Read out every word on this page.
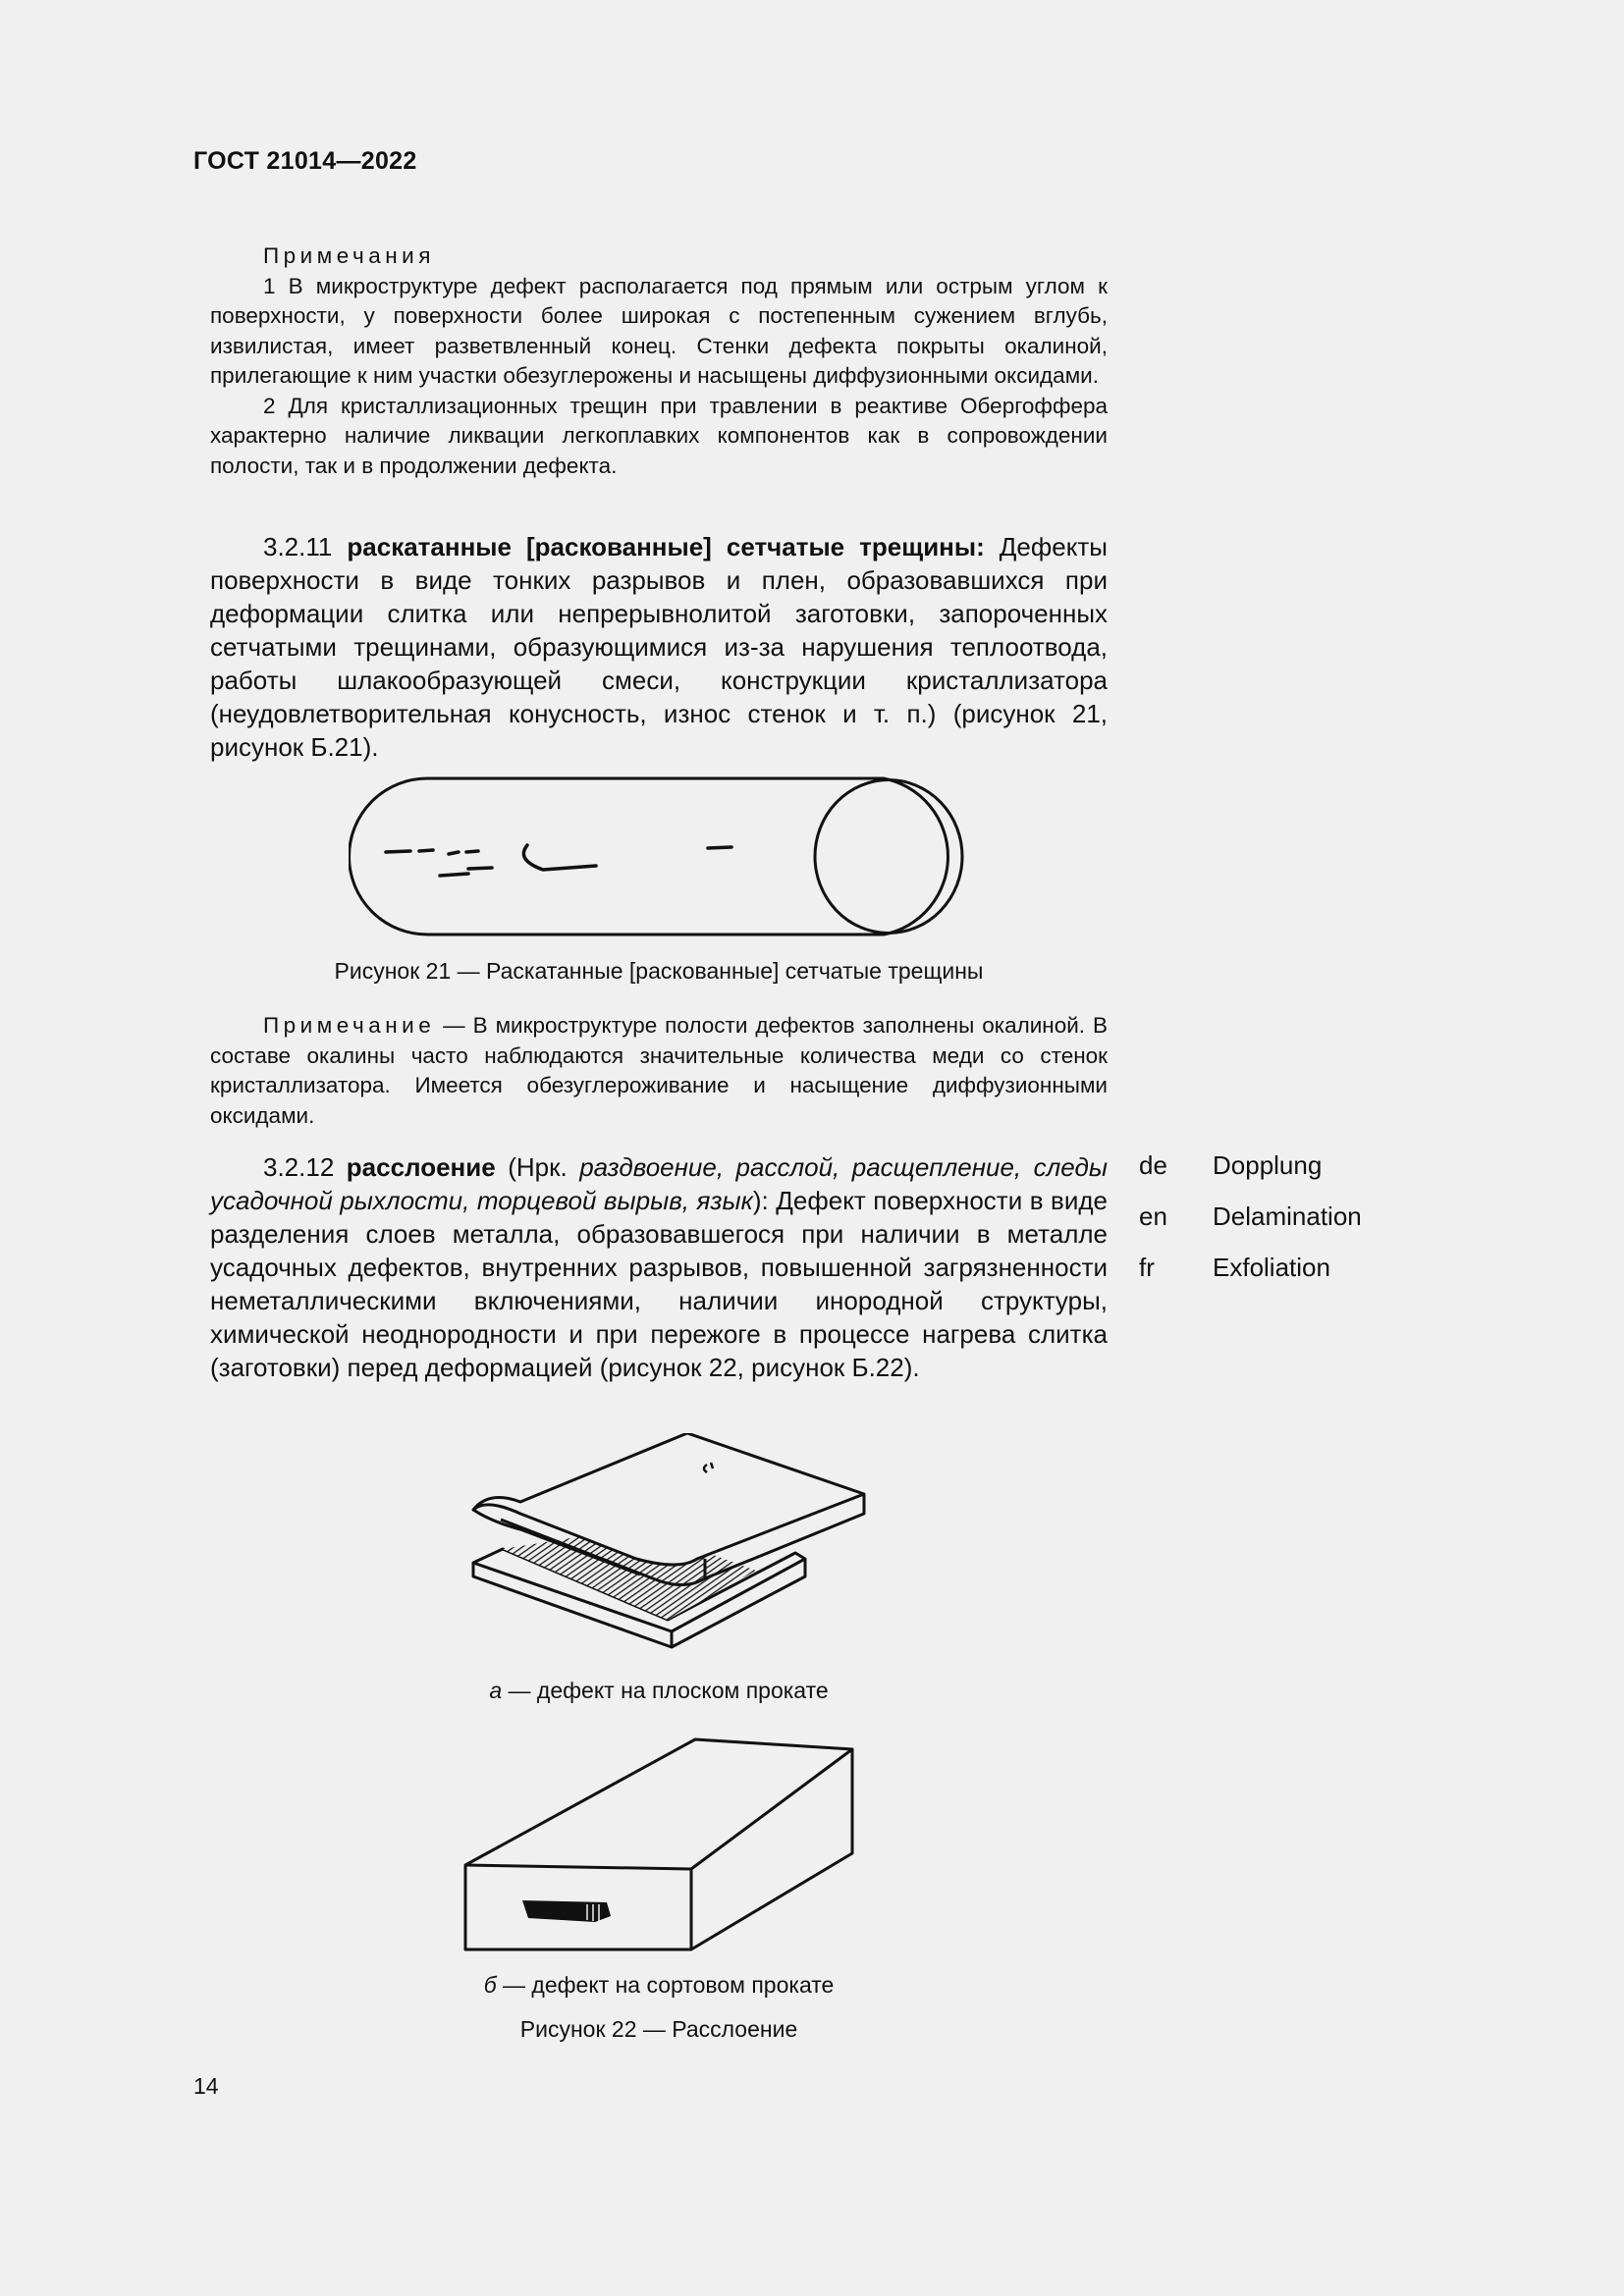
ГОСТ 21014—2022

Примечания

1 В микроструктуре дефект располагается под прямым или острым углом к поверхности, у поверхности более широкая с постепенным сужением вглубь, извилистая, имеет разветвленный конец. Стенки дефекта покрыты окалиной, прилегающие к ним участки обезуглерожены и насыщены диффузионными оксидами.

2 Для кристаллизационных трещин при травлении в реактиве Обергоффера характерно наличие ликвации легкоплавких компонентов как в сопровождении полости, так и в продолжении дефекта.

3.2.11 раскатанные [раскованные] сетчатые трещины: Дефекты поверхности в виде тонких разрывов и плен, образовавшихся при деформации слитка или непрерывнолитой заготовки, запороченных сетчатыми трещинами, образующимися из-за нарушения теплоотвода, работы шлакообразующей смеси, конструкции кристаллизатора (неудовлетворительная конусность, износ стенок и т. п.) (рисунок 21, рисунок Б.21).

Рисунок 21 — Раскатанные [раскованные] сетчатые трещины

Примечание — В микроструктуре полости дефектов заполнены окалиной. В составе окалины часто наблюдаются значительные количества меди со стенок кристаллизатора. Имеется обезуглероживание и насыщение диффузионными оксидами.

3.2.12 расслоение (Нрк. раздвоение, расслой, расщепление, следы усадочной рыхлости, торцевой вырыв, язык): Дефект поверхности в виде разделения слоев металла, образовавшегося при наличии в металле усадочных дефектов, внутренних разрывов, повышенной загрязненности неметаллическими включениями, наличии инородной структуры, химической неоднородности и при пережоге в процессе нагрева слитка (заготовки) перед деформацией (рисунок 22, рисунок Б.22).

de Dopplung
en Delamination
fr Exfoliation
а — дефект на плоском прокате
б — дефект на сортовом прокате
Рисунок 22 — Расслоение
14
